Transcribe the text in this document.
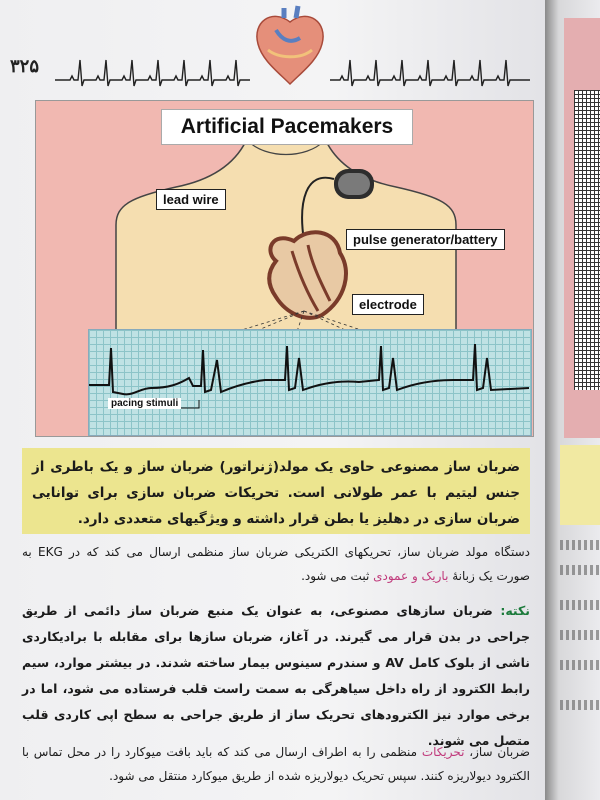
۳۲۵
Artificial Pacemakers
lead wire
pulse generator/battery
electrode
pacing stimuli
ضربان ساز مصنوعی حاوی یک مولد(ژنراتور) ضربان ساز و یک باطری از جنس لیتیم با عمر طولانی است. تحریکات ضربان سازی برای توانایی ضربان سازی در دهلیز یا بطن قرار داشته و ویژگیهای متعددی دارد.
دستگاه مولد ضربان ساز، تحریکهای الکتریکی ضربان ساز منظمی ارسال می کند که در EKG به صورت یک زبانهٔ باریک و عمودی ثبت می شود.
نکته: ضربان سازهای مصنوعی، به عنوان یک منبع ضربان ساز دائمی از طریق جراحی در بدن قرار می گیرند. در آغاز، ضربان سازها برای مقابله با برادیکاردی ناشی از بلوک کامل AV و سندرم سینوس بیمار ساخته شدند. در بیشتر موارد، سیم رابط الکترود از راه داخل سیاهرگی به سمت راست قلب فرستاده می شود، اما در برخی موارد نیز الکترودهای تحریک ساز از طریق جراحی به سطح اپی کاردی قلب متصل می شوند.
ضربان ساز، تحریکات منظمی را به اطراف ارسال می کند که باید بافت میوکارد را در محل تماس با الکترود دیولاریزه کنند. سپس تحریک دیولاریزه شده از طریق میوکارد منتقل می شود.
